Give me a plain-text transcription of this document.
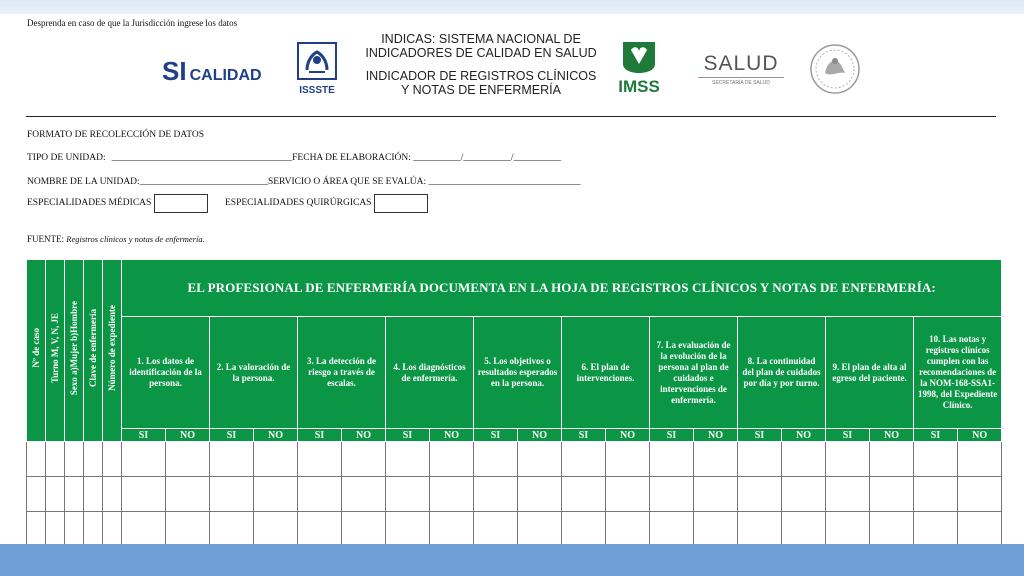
Desprenda en caso de que la Jurisdicción ingrese los datos
SI CALIDAD
ISSSTE
INDICAS: SISTEMA NACIONAL DE
INDICADORES DE CALIDAD EN SALUD
INDICADOR DE REGISTROS CLÍNICOS
Y NOTAS DE ENFERMERÍA	IMSS
SALUD
SECRETARÍA DE SALUD
FORMATO DE RECOLECCIÓN DE DATOS
TIPO DE UNIDAD: ______________________________________FECHA DE ELABORACIÓN: __________/__________/__________
NOMBRE DE LA UNIDAD:___________________________SERVICIO O ÁREA QUE SE EVALÚA: ________________________________
ESPECIALIDADES MÉDICAS	ESPECIALIDADES QUIRÚRGICAS
FUENTE: Registros clínicos y notas de enfermería.
Nº de caso	Turno M, V, N, JE	Sexo a)Mujer b)Hombre	Clave de enfermería	Número de expediente	EL PROFESIONAL DE ENFERMERÍA DOCUMENTA EN LA HOJA DE REGISTROS CLÍNICOS Y NOTAS DE ENFERMERÍA:																			
					1. Los datos de identificación de la persona.		2. La valoración de la persona.		3. La detección de riesgo a través de escalas.		4. Los diagnósticos de enfermería.		5. Los objetivos o resultados esperados en la persona.		6. El plan de intervenciones.		7. La evaluación de la evolución de la persona al plan de cuidados e intervenciones de enfermería.		8. La continuidad del plan de cuidados por día y por turno.		9. El plan de alta al egreso del paciente.		10. Las notas y registros clínicos cumplen con las recomendaciones de la NOM-168-SSA1-1998, del Expediente Clínico.	
					SI	NO	SI	NO	SI	NO	SI	NO	SI	NO	SI	NO	SI	NO	SI	NO	SI	NO	SI	NO
